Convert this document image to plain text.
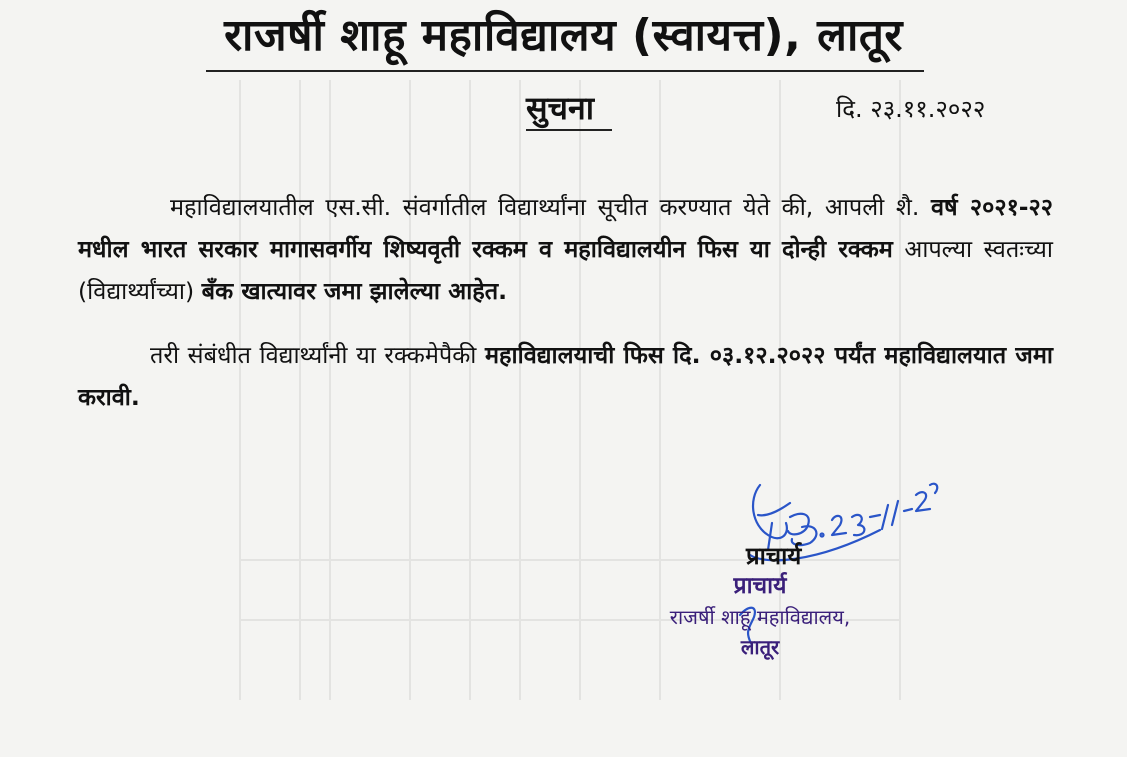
राजर्षी शाहू महाविद्यालय (स्वायत्त), लातूर
सुचना	दि. २३.११.२०२२

महाविद्यालयातील एस.सी. संवर्गातील विद्यार्थ्यांना सूचीत करण्यात येते की, आपली शै. वर्ष २०२१-२२ मधील भारत सरकार मागासवर्गीय शिष्यवृती रक्कम व महाविद्यालयीन फिस या दोन्ही रक्कम आपल्या स्वतःच्या (विद्यार्थ्यांच्या) बँक खात्यावर जमा झालेल्या आहेत.

तरी संबंधीत विद्यार्थ्यांनी या रक्कमेपैकी महाविद्यालयाची फिस दि. ०३.१२.२०२२ पर्यंत महाविद्यालयात जमा करावी.

प्राचार्य
प्राचार्य
राजर्षी शाहू महाविद्यालय,
लातूर
